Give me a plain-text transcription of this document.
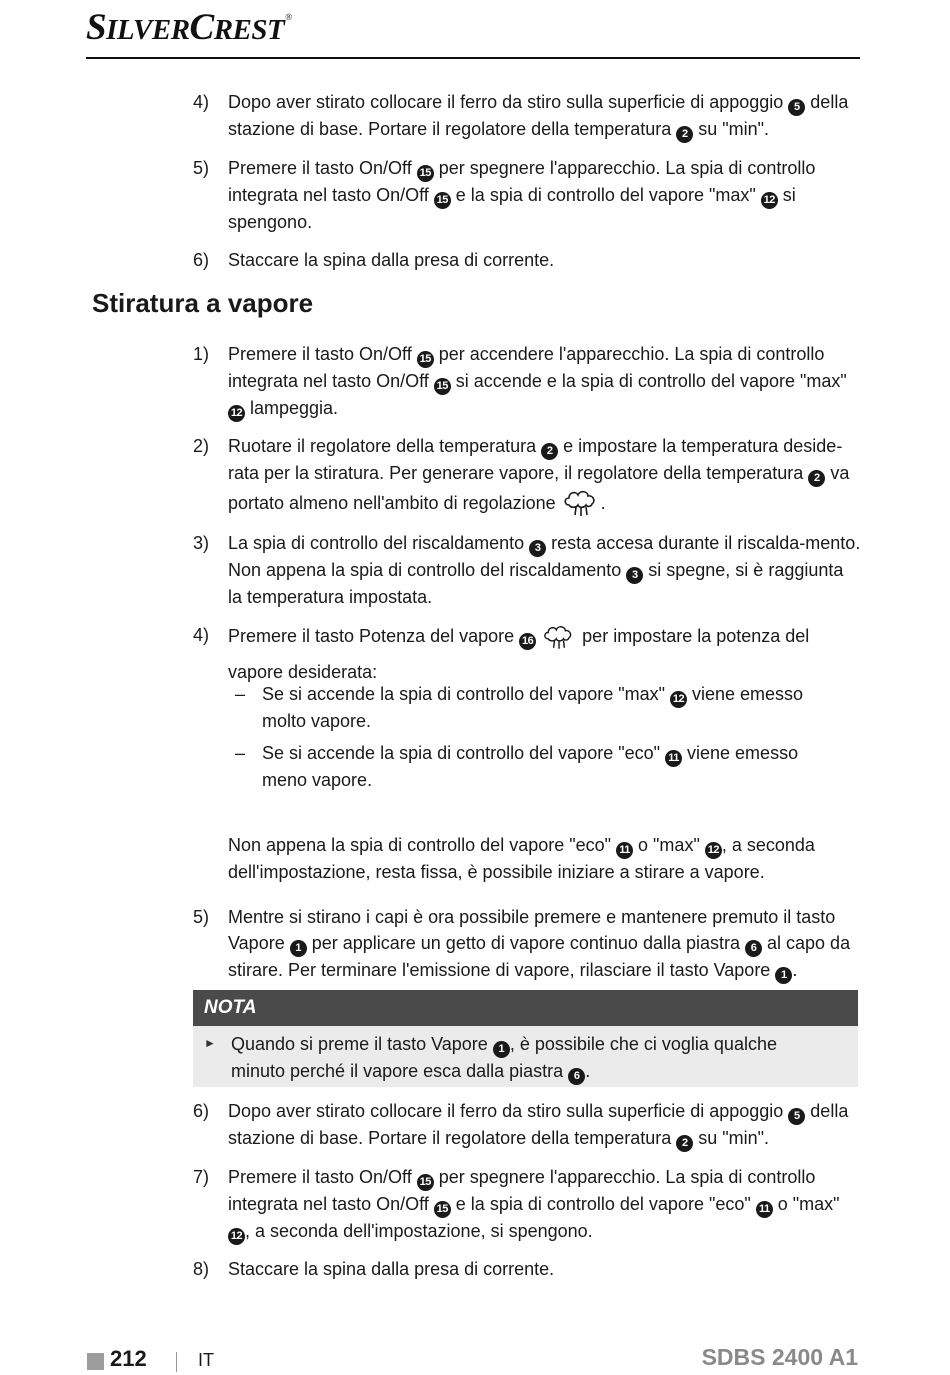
SILVERCREST®
4)	Dopo aver stirato collocare il ferro da stiro sulla superficie di appoggio 5 della stazione di base. Portare il regolatore della temperatura 2 su "min".
5)	Premere il tasto On/Off 15 per spegnere l'apparecchio. La spia di controllo integrata nel tasto On/Off 15 e la spia di controllo del vapore "max" 12 si spengono.
6)	Staccare la spina dalla presa di corrente.
Stiratura a vapore
1)	Premere il tasto On/Off 15 per accendere l'apparecchio. La spia di controllo integrata nel tasto On/Off 15 si accende e la spia di controllo del vapore "max" 12 lampeggia.
2)	Ruotare il regolatore della temperatura 2 e impostare la temperatura deside-rata per la stiratura. Per generare vapore, il regolatore della temperatura 2 va portato almeno nell'ambito di regolazione .
3)	La spia di controllo del riscaldamento 3 resta accesa durante il riscalda-mento. Non appena la spia di controllo del riscaldamento 3 si spegne, si è raggiunta la temperatura impostata.
4)	Premere il tasto Potenza del vapore 16  per impostare la potenza del vapore desiderata:
– Se si accende la spia di controllo del vapore "max" 12 viene emesso molto vapore.
– Se si accende la spia di controllo del vapore "eco" 11 viene emesso meno vapore.
Non appena la spia di controllo del vapore "eco" 11 o "max" 12 , a seconda dell'impostazione, resta fissa, è possibile iniziare a stirare a vapore.
5)	Mentre si stirano i capi è ora possibile premere e mantenere premuto il tasto Vapore 1 per applicare un getto di vapore continuo dalla piastra 6 al capo da stirare. Per terminare l'emissione di vapore, rilasciare il tasto Vapore 1 .
NOTA
► Quando si preme il tasto Vapore 1 , è possibile che ci voglia qualche minuto perché il vapore esca dalla piastra 6 .
6)	Dopo aver stirato collocare il ferro da stiro sulla superficie di appoggio 5 della stazione di base. Portare il regolatore della temperatura 2 su "min".
7)	Premere il tasto On/Off 15 per spegnere l'apparecchio. La spia di controllo integrata nel tasto On/Off 15 e la spia di controllo del vapore "eco" 11 o "max" 12 , a seconda dell'impostazione, si spengono.
8)	Staccare la spina dalla presa di corrente.
212	IT	SDBS 2400 A1
